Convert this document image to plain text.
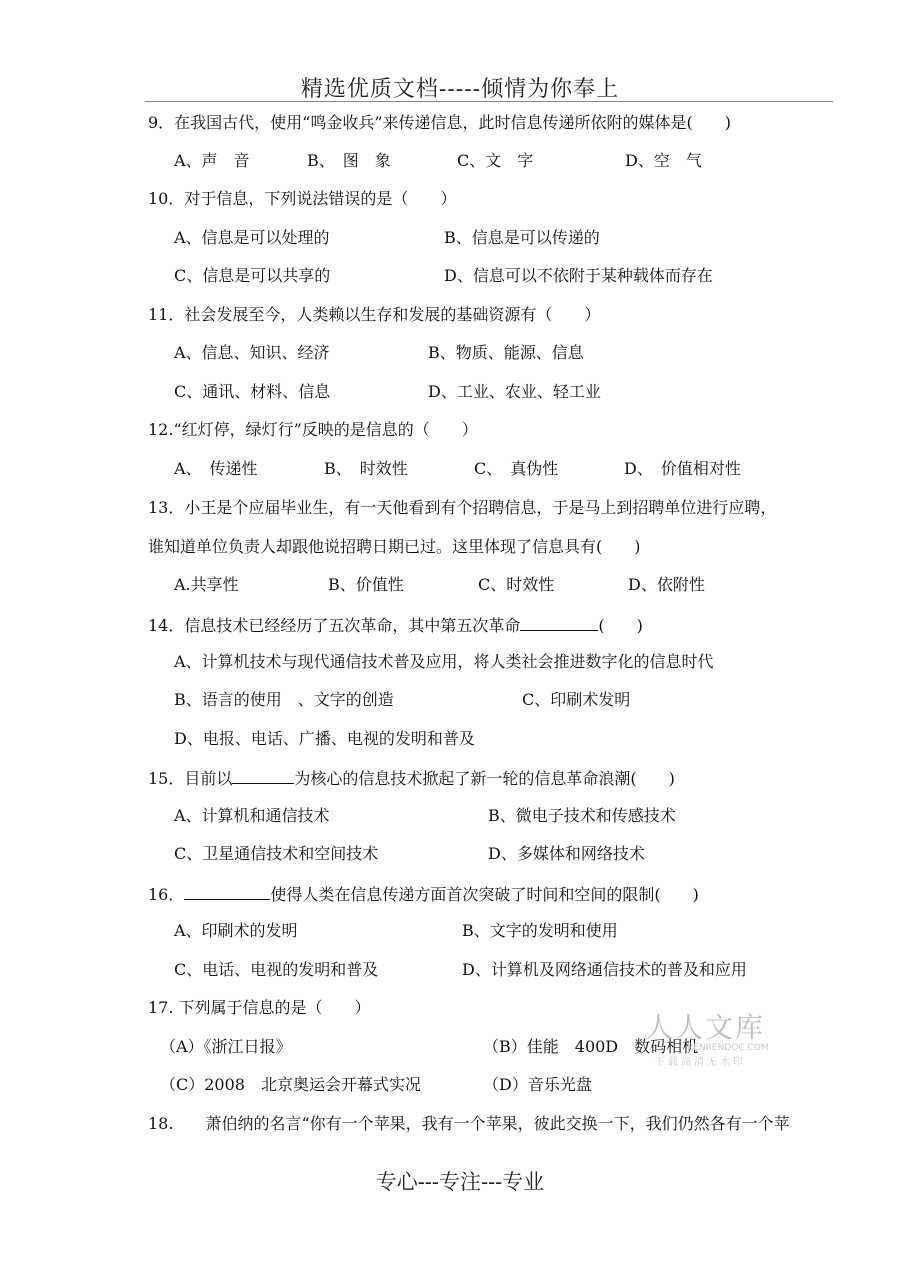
精选优质文档-----倾情为你奉上
9．在我国古代，使用“鸣金收兵”来传递信息，此时信息传递所依附的媒体是(　　)
A、声　音	B、　图　象	C、文　字	D、空　气
10．对于信息，下列说法错误的是（　　）
A、信息是可以处理的	B、信息是可以传递的
C、信息是可以共享的	D、信息可以不依附于某种载体而存在
11．社会发展至今，人类赖以生存和发展的基础资源有（　　）
A、信息、知识、经济	B、物质、能源、信息
C、通讯、材料、信息	D、工业、农业、轻工业
12.“红灯停，绿灯行”反映的是信息的（　　）
A、　传递性	B、　时效性	C、　真伪性	D、　价值相对性
13．小王是个应届毕业生，有一天他看到有个招聘信息，于是马上到招聘单位进行应聘，
谁知道单位负责人却跟他说招聘日期已过。这里体现了信息具有(　　)
A.共享性	B、价值性	C、时效性	D、依附性
14．信息技术已经经历了五次革命，其中第五次革命	(　　)
A、计算机技术与现代通信技术普及应用，将人类社会推进数字化的信息时代
B、语言的使用　、文字的创造	C、印刷术发明
D、电报、电话、广播、电视的发明和普及
15．目前以	为核心的信息技术掀起了新一轮的信息革命浪潮(　　)
A、计算机和通信技术	B、微电子技术和传感技术
C、卫星通信技术和空间技术	D、多媒体和网络技术
16．	使得人类在信息传递方面首次突破了时间和空间的限制(　　)
A、印刷术的发明	B、文字的发明和使用
C、电话、电视的发明和普及	D、计算机及网络通信技术的普及和应用
17. 下列属于信息的是（　　）
（A）《浙江日报》	（B）佳能　400D　数码相机
（C）2008　北京奥运会开幕式实况	（D）音乐光盘
18.　　萧伯纳的名言“你有一个苹果，我有一个苹果，彼此交换一下，我们仍然各有一个苹
人人文库
RENRENDOC.COM
下载高清无水印
专心---专注---专业
